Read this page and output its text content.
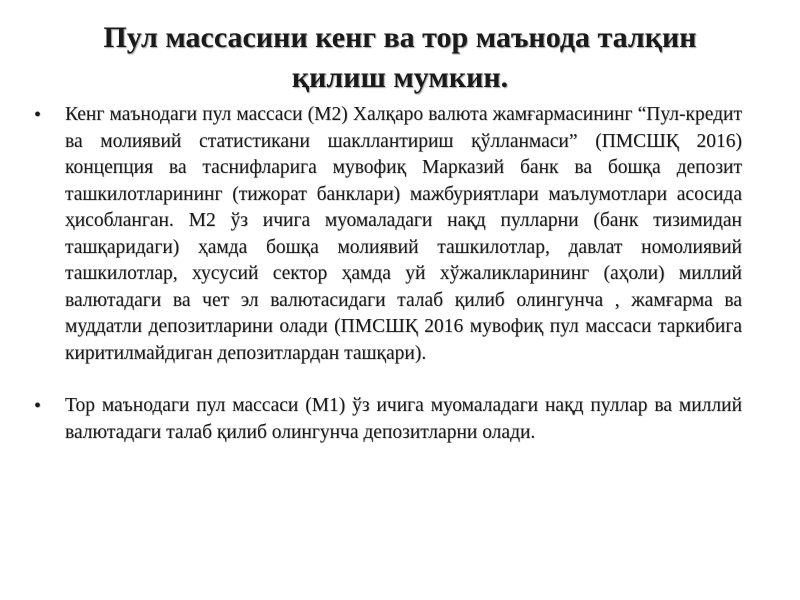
Пул массасини кенг ва тор маънода талқин қилиш мумкин.
• Кенг маънодаги пул массаси (M2) Халқаро валюта жамғармасининг “Пул-кредит ва молиявий статистикани шакллантириш қўлланмаси” (ПМСШҚ 2016) концепция ва таснифларига мувофиқ Марказий банк ва бошқа депозит ташкилотларининг (тижорат банклари) мажбуриятлари маълумотлари асосида ҳисобланган. M2 ўз ичига муомаладаги нақд пулларни (банк тизимидан ташқаридаги) ҳамда бошқа молиявий ташкилотлар, давлат номолиявий ташкилотлар, хусусий сектор ҳамда уй хўжаликларининг (аҳоли) миллий валютадаги ва чет эл валютасидаги талаб қилиб олингунча , жамғарма ва муддатли депозитларини олади (ПМСШҚ 2016 мувофиқ пул массаси таркибига киритилмайдиган депозитлардан ташқари).
• Тор маънодаги пул массаси (M1) ўз ичига муомаладаги нақд пуллар ва миллий валютадаги талаб қилиб олингунча депозитларни олади.
